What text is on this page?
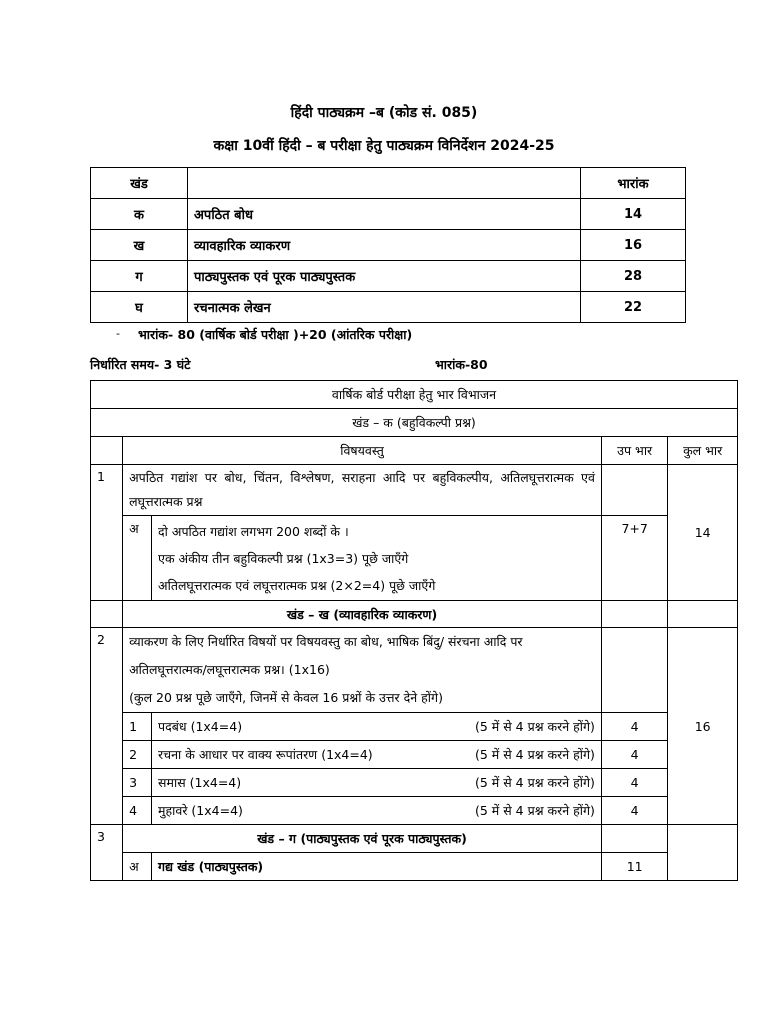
हिंदी पाठ्यक्रम –ब (कोड सं. 085)
कक्षा 10वीं हिंदी – ब परीक्षा हेतु पाठ्यक्रम विनिर्देशन 2024-25
खंड		भारांक
क	अपठित बोध	14
ख	व्यावहारिक व्याकरण	16
ग	पाठ्यपुस्तक एवं पूरक पाठ्यपुस्तक	28
घ	रचनात्मक लेखन	22
- भारांक- 80 (वार्षिक बोर्ड परीक्षा )+20 (आंतरिक परीक्षा)
निर्धारित समय- 3 घंटे	भारांक-80
वार्षिक बोर्ड परीक्षा हेतु भार विभाजन				
खंड – क (बहुविकल्पी प्रश्न)				
	विषयवस्तु		उप भार	कुल भार
1	अपठित गद्यांश पर बोध, चिंतन, विश्लेषण, सराहना आदि पर बहुविकल्पीय, अतिलघूत्तरात्मक एवं लघूत्तरात्मक प्रश्न			14
	अ	दो अपठित गद्यांश लगभग 200 शब्दों के ।
एक अंकीय तीन बहुविकल्पी प्रश्न (1x3=3) पूछे जाएँगे
अतिलघूत्तरात्मक एवं लघूत्तरात्मक प्रश्न (2×2=4) पूछे जाएँगे	7+7	
	खंड – ख (व्यावहारिक व्याकरण)			
2	व्याकरण के लिए निर्धारित विषयों पर विषयवस्तु का बोध, भाषिक बिंदु/ संरचना आदि पर
अतिलघूत्तरात्मक/लघूत्तरात्मक प्रश्न। (1x16)
(कुल 20 प्रश्न पूछे जाएँगे, जिनमें से केवल 16 प्रश्नों के उत्तर देने होंगे)			16
	1	पदबंध (1x4=4) (5 में से 4 प्रश्न करने होंगे)	4	
	2	रचना के आधार पर वाक्य रूपांतरण (1x4=4) (5 में से 4 प्रश्न करने होंगे)	4	
	3	समास (1x4=4) (5 में से 4 प्रश्न करने होंगे)	4	
	4	मुहावरे (1x4=4) (5 में से 4 प्रश्न करने होंगे)	4	
3	खंड – ग (पाठ्यपुस्तक एवं पूरक पाठ्यपुस्तक)			
	अ	गद्य खंड (पाठ्यपुस्तक)	11	
